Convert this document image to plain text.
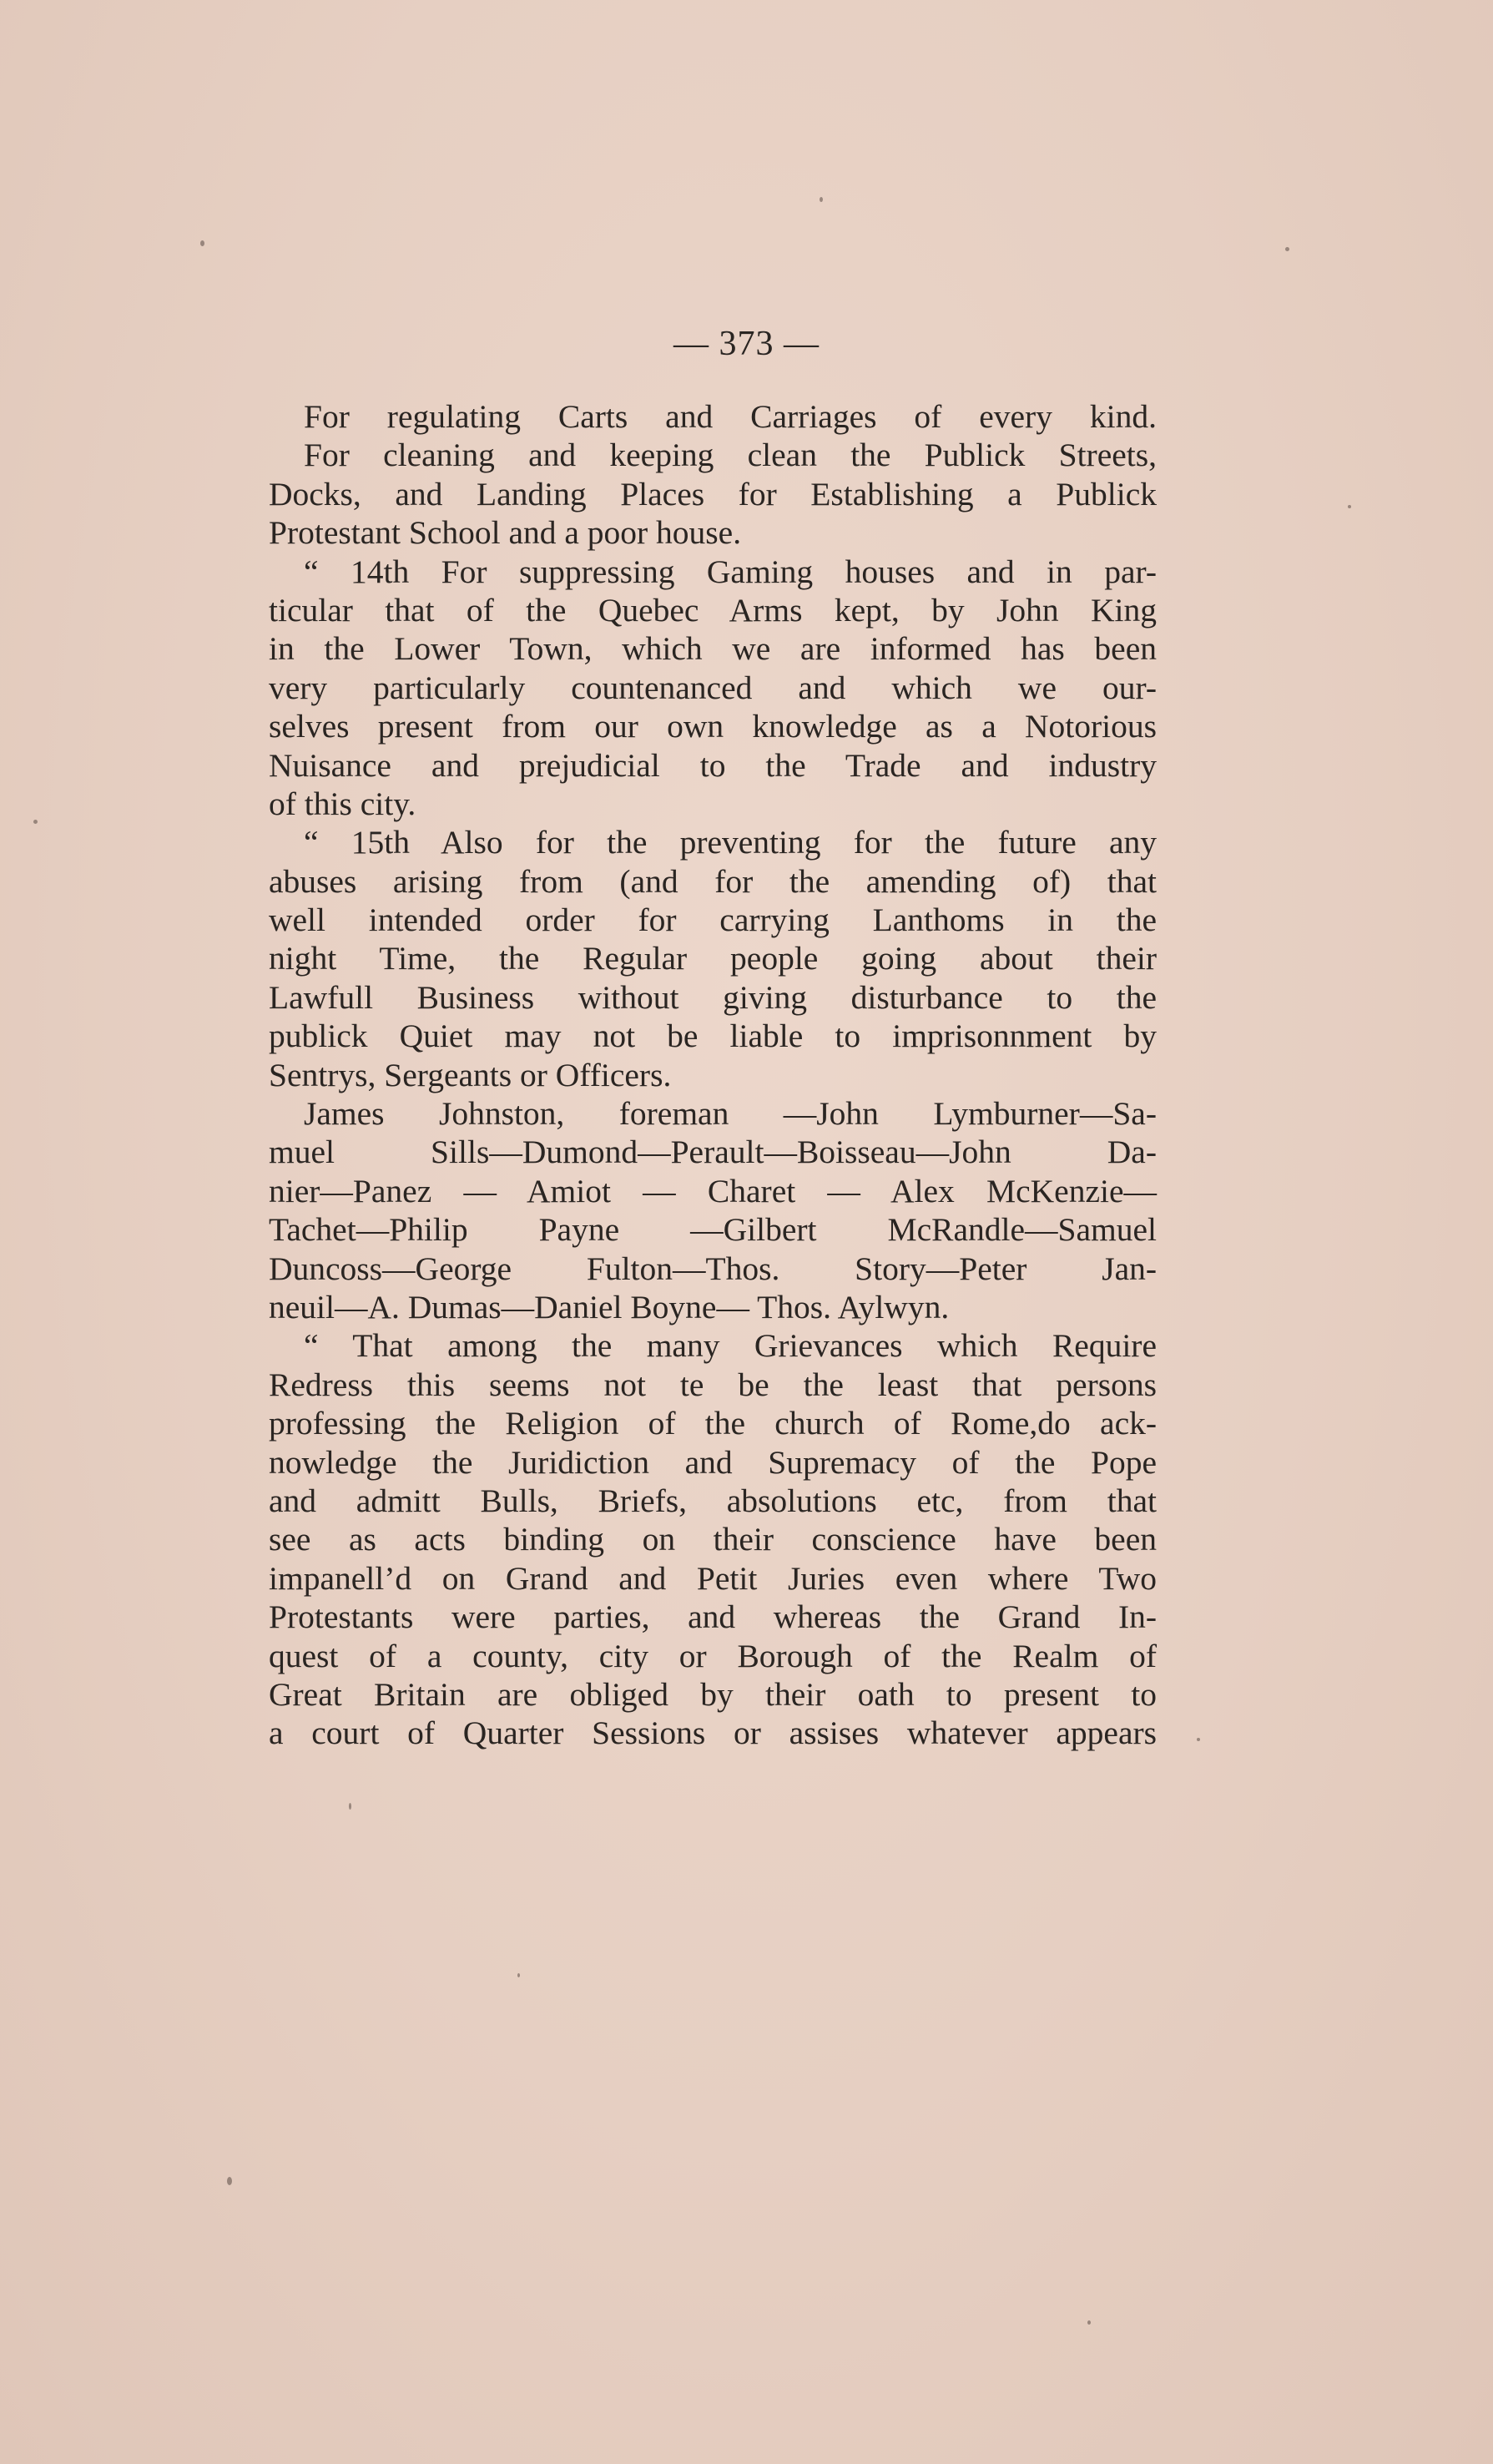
— 373 —
For regulating Carts and Carriages of every kind.
For cleaning and keeping clean the Publick Streets,
Docks, and Landing Places for Establishing a Publick
Protestant School and a poor house.
“ 14th For suppressing Gaming houses and in par-
ticular that of the Quebec Arms kept, by John King
in the Lower Town, which we are informed has been
very particularly countenanced and which we our-
selves present from our own knowledge as a Notorious
Nuisance and prejudicial to the Trade and industry
of this city.
“ 15th Also for the preventing for the future any
abuses arising from (and for the amending of) that
well intended order for carrying Lanthoms in the
night Time, the Regular people going about their
Lawfull Business without giving disturbance to the
publick Quiet may not be liable to imprisonnment by
Sentrys, Sergeants or Officers.
James Johnston, foreman —John Lymburner—Sa-
muel Sills—Dumond—Perault—Boisseau—John Da-
nier—Panez — Amiot — Charet — Alex McKenzie—
Tachet—Philip Payne —Gilbert McRandle—Samuel
Duncoss—George Fulton—Thos. Story—Peter Jan-
neuil—A. Dumas—Daniel Boyne— Thos. Aylwyn.
“ That among the many Grievances which Require
Redress this seems not te be the least that persons
professing the Religion of the church of Rome,do ack-
nowledge the Juridiction and Supremacy of the Pope
and admitt Bulls, Briefs, absolutions etc, from that
see as acts binding on their conscience have been
impanell’d on Grand and Petit Juries even where Two
Protestants were parties, and whereas the Grand In-
quest of a county, city or Borough of the Realm of
Great Britain are obliged by their oath to present to
a court of Quarter Sessions or assises whatever appears
